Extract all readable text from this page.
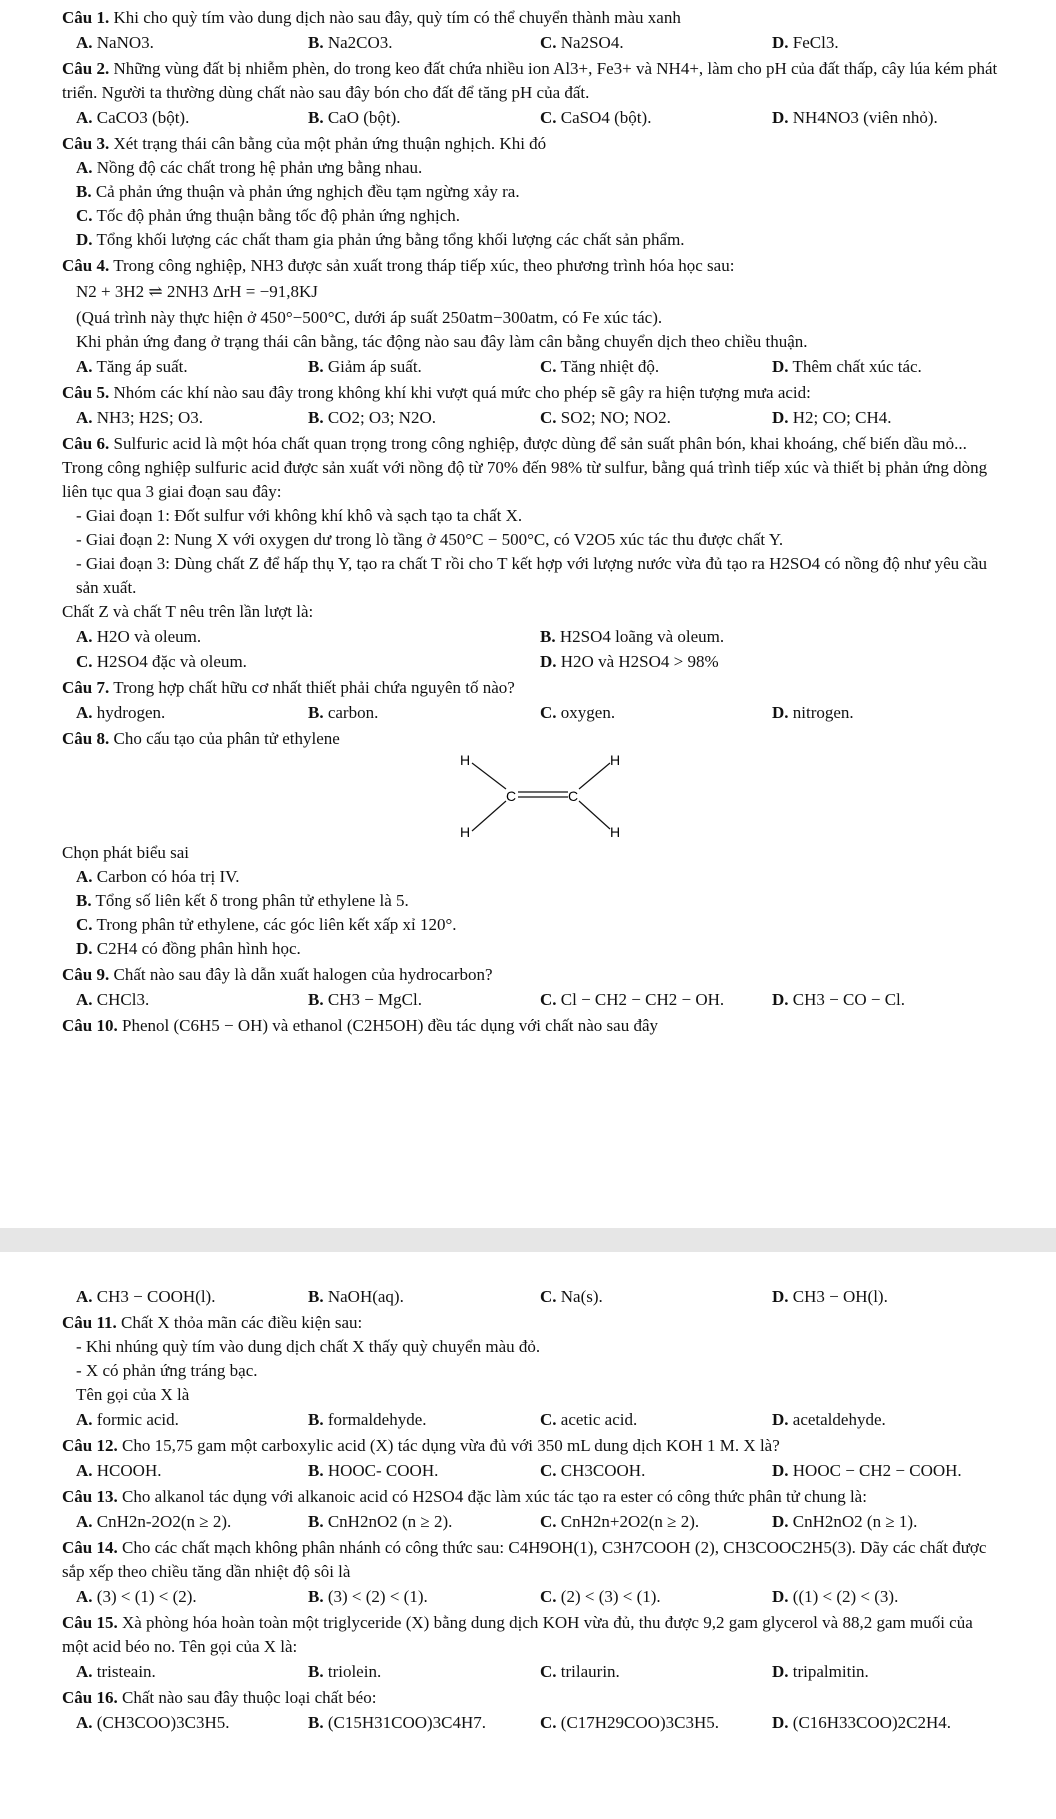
Câu 1. Khi cho quỳ tím vào dung dịch nào sau đây, quỳ tím có thể chuyển thành màu xanh

A. NaNO3.	B. Na2CO3.	C. Na2SO4.	D. FeCl3.

Câu 2. Những vùng đất bị nhiễm phèn, do trong keo đất chứa nhiều ion Al3+, Fe3+ và NH4+, làm cho pH của đất thấp, cây lúa kém phát triển. Người ta thường dùng chất nào sau đây bón cho đất để tăng pH của đất.

A. CaCO3 (bột).	B. CaO (bột).	C. CaSO4 (bột).	D. NH4NO3 (viên nhỏ).

Câu 3. Xét trạng thái cân bằng của một phản ứng thuận nghịch. Khi đó

A. Nồng độ các chất trong hệ phản ưng bằng nhau.

B. Cả phản ứng thuận và phản ứng nghịch đều tạm ngừng xảy ra.

C. Tốc độ phản ứng thuận bằng tốc độ phản ứng nghịch.

D. Tổng khối lượng các chất tham gia phản ứng bằng tổng khối lượng các chất sản phẩm.

Câu 4. Trong công nghiệp, NH3 được sản xuất trong tháp tiếp xúc, theo phương trình hóa học sau:

N2 + 3H2 ⇌ 2NH3 ΔrH = −91,8KJ

(Quá trình này thực hiện ở 450°−500°C, dưới áp suất 250atm−300atm, có Fe xúc tác).

Khi phản ứng đang ở trạng thái cân bằng, tác động nào sau đây làm cân bằng chuyển dịch theo chiều thuận.

A. Tăng áp suất.	B. Giảm áp suất.	C. Tăng nhiệt độ.	D. Thêm chất xúc tác.

Câu 5. Nhóm các khí nào sau đây trong không khí khi vượt quá mức cho phép sẽ gây ra hiện tượng mưa acid:

A. NH3; H2S; O3.	B. CO2; O3; N2O.	C. SO2; NO; NO2.	D. H2; CO; CH4.

Câu 6. Sulfuric acid là một hóa chất quan trọng trong công nghiệp, được dùng để sản suất phân bón, khai khoáng, chế biến dầu mỏ... Trong công nghiệp sulfuric acid được sản xuất với nồng độ từ 70% đến 98% từ sulfur, bằng quá trình tiếp xúc và thiết bị phản ứng dòng liên tục qua 3 giai đoạn sau đây:

- Giai đoạn 1: Đốt sulfur với không khí khô và sạch tạo ta chất X.

- Giai đoạn 2: Nung X với oxygen dư trong lò tầng ở 450°C − 500°C, có V2O5 xúc tác thu được chất Y.

- Giai đoạn 3: Dùng chất Z để hấp thụ Y, tạo ra chất T rồi cho T kết hợp với lượng nước vừa đủ tạo ra H2SO4 có nồng độ như yêu cầu sản xuất.

Chất Z và chất T nêu trên lần lượt là:

A. H2O và oleum.	B. H2SO4 loãng và oleum.
C. H2SO4 đặc và oleum.	D. H2O và H2SO4 > 98%

Câu 7. Trong hợp chất hữu cơ nhất thiết phải chứa nguyên tố nào?

A. hydrogen.	B. carbon.	C. oxygen.	D. nitrogen.

Câu 8. Cho cấu tạo của phân tử ethylene

H	H
H	H
C	C

Chọn phát biểu sai

A. Carbon có hóa trị IV.

B. Tổng số liên kết δ trong phân tử ethylene là 5.

C. Trong phân tử ethylene, các góc liên kết xấp xỉ 120°.

D. C2H4 có đồng phân hình học.

Câu 9. Chất nào sau đây là dẫn xuất halogen của hydrocarbon?

A. CHCl3.	B. CH3 − MgCl.	C. Cl − CH2 − CH2 − OH.	D. CH3 − CO − Cl.

Câu 10. Phenol (C6H5 − OH) và ethanol (C2H5OH) đều tác dụng với chất nào sau đây

A. CH3 − COOH(l).	B. NaOH(aq).	C. Na(s).	D. CH3 − OH(l).

Câu 11. Chất X thỏa mãn các điều kiện sau:

- Khi nhúng quỳ tím vào dung dịch chất X thấy quỳ chuyển màu đỏ.

- X có phản ứng tráng bạc.

Tên gọi của X là

A. formic acid.	B. formaldehyde.	C. acetic acid.	D. acetaldehyde.

Câu 12. Cho 15,75 gam một carboxylic acid (X) tác dụng vừa đủ với 350 mL dung dịch KOH 1 M. X là?

A. HCOOH.	B. HOOC- COOH.	C. CH3COOH.	D. HOOC − CH2 − COOH.

Câu 13. Cho alkanol tác dụng với alkanoic acid có H2SO4 đặc làm xúc tác tạo ra ester có công thức phân tử chung là:

A. CnH2n-2O2(n ≥ 2).	B. CnH2nO2 (n ≥ 2).	C. CnH2n+2O2(n ≥ 2).	D. CnH2nO2 (n ≥ 1).

Câu 14. Cho các chất mạch không phân nhánh có công thức sau: C4H9OH(1), C3H7COOH (2), CH3COOC2H5(3). Dãy các chất được sắp xếp theo chiều tăng dần nhiệt độ sôi là

A. (3) < (1) < (2).	B. (3) < (2) < (1).	C. (2) < (3) < (1).	D. ((1) < (2) < (3).

Câu 15. Xà phòng hóa hoàn toàn một triglyceride (X) bằng dung dịch KOH vừa đủ, thu được 9,2 gam glycerol và 88,2 gam muối của một acid béo no. Tên gọi của X là:

A. tristeain.	B. triolein.	C. trilaurin.	D. tripalmitin.

Câu 16. Chất nào sau đây thuộc loại chất béo:

A. (CH3COO)3C3H5.	B. (C15H31COO)3C4H7.	C. (C17H29COO)3C3H5.	D. (C16H33COO)2C2H4.
